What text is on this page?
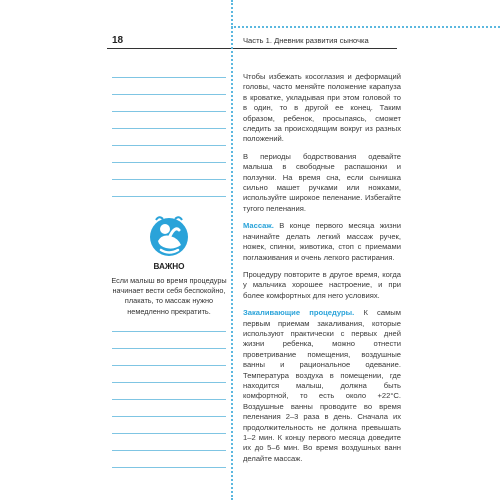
18	Часть 1. Дневник развития сыночка
ВАЖНО
Если малыш во время процедуры начинает вести себя беспокойно, плакать, то массаж нужно немедленно прекратить.

Чтобы избежать косоглазия и деформаций головы, часто меняйте положение карапуза в кроватке, укладывая при этом головой то в один, то в другой ее конец. Таким образом, ребенок, просыпаясь, сможет следить за происходящим вокруг из разных положений.

В периоды бодрствования одевайте малыша в свободные распашонки и ползунки. На время сна, если сынишка сильно машет ручками или ножками, используйте широкое пеленание. Избегайте тугого пеленания.

Массаж. В конце первого месяца жизни начинайте делать легкий массаж ручек, ножек, спинки, животика, стоп с приемами поглаживания и очень легкого растирания.

Процедуру повторите в другое время, когда у мальчика хорошее настроение, и при более комфортных для него условиях.

Закаливающие процедуры. К самым первым приемам закаливания, которые используют практически с первых дней жизни ребенка, можно отнести проветривание помещения, воздушные ванны и рациональное одевание. Температура воздуха в помещении, где находится малыш, должна быть комфортной, то есть около +22°C. Воздушные ванны проводите во время пеленания 2–3 раза в день. Сначала их продолжительность не должна превышать 1–2 мин. К концу первого месяца доведите их до 5–6 мин. Во время воздушных ванн делайте массаж.
